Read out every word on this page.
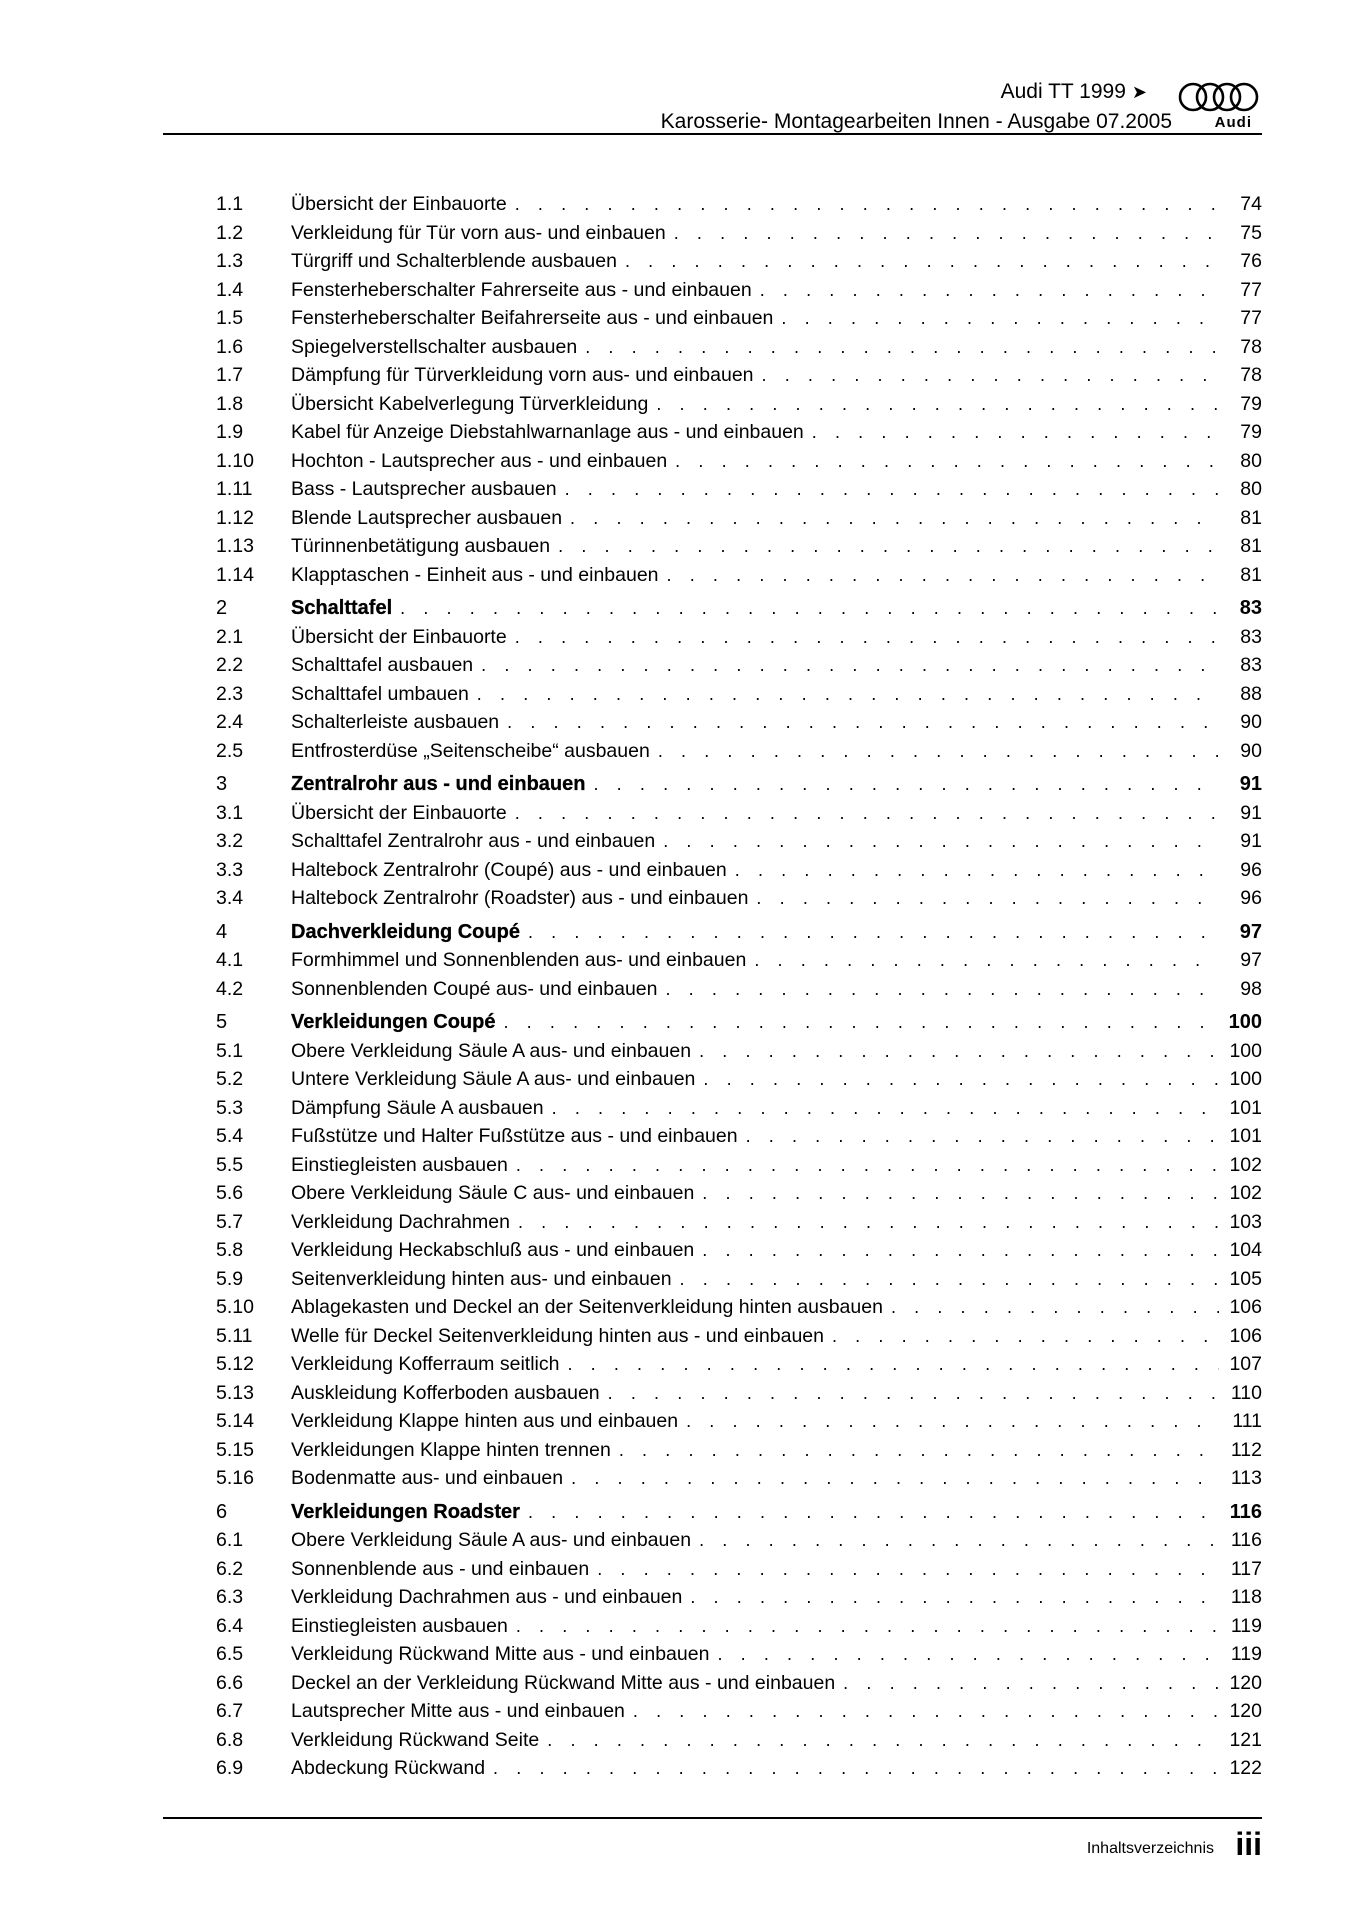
Audi TT 1999 ➤
Karosserie- Montagearbeiten Innen - Ausgabe 07.2005	Audi
1.1	Übersicht der Einbauorte . . .	74
1.2	Verkleidung für Tür vorn aus- und einbauen . . .	75
1.3	Türgriff und Schalterblende ausbauen . . .	76
1.4	Fensterheberschalter Fahrerseite aus - und einbauen . . .	77
1.5	Fensterheberschalter Beifahrerseite aus - und einbauen . . .	77
1.6	Spiegelverstellschalter ausbauen . . .	78
1.7	Dämpfung für Türverkleidung vorn aus- und einbauen . . .	78
1.8	Übersicht Kabelverlegung Türverkleidung . . .	79
1.9	Kabel für Anzeige Diebstahlwarnanlage aus - und einbauen . . .	79
1.10	Hochton - Lautsprecher aus - und einbauen . . .	80
1.11	Bass - Lautsprecher ausbauen . . .	80
1.12	Blende Lautsprecher ausbauen . . .	81
1.13	Türinnenbetätigung ausbauen . . .	81
1.14	Klapptaschen - Einheit aus - und einbauen . . .	81
2	Schalttafel . . .	83
2.1	Übersicht der Einbauorte . . .	83
2.2	Schalttafel ausbauen . . .	83
2.3	Schalttafel umbauen . . .	88
2.4	Schalterleiste ausbauen . . .	90
2.5	Entfrosterdüse „Seitenscheibe“ ausbauen . . .	90
3	Zentralrohr aus - und einbauen . . .	91
3.1	Übersicht der Einbauorte . . .	91
3.2	Schalttafel Zentralrohr aus - und einbauen . . .	91
3.3	Haltebock Zentralrohr (Coupé) aus - und einbauen . . .	96
3.4	Haltebock Zentralrohr (Roadster) aus - und einbauen . . .	96
4	Dachverkleidung Coupé . . .	97
4.1	Formhimmel und Sonnenblenden aus- und einbauen . . .	97
4.2	Sonnenblenden Coupé aus- und einbauen . . .	98
5	Verkleidungen Coupé . . .	100
5.1	Obere Verkleidung Säule A aus- und einbauen . . .	100
5.2	Untere Verkleidung Säule A aus- und einbauen . . .	100
5.3	Dämpfung Säule A ausbauen . . .	101
5.4	Fußstütze und Halter Fußstütze aus - und einbauen . . .	101
5.5	Einstiegleisten ausbauen . . .	102
5.6	Obere Verkleidung Säule C aus- und einbauen . . .	102
5.7	Verkleidung Dachrahmen . . .	103
5.8	Verkleidung Heckabschluß aus - und einbauen . . .	104
5.9	Seitenverkleidung hinten aus- und einbauen . . .	105
5.10	Ablagekasten und Deckel an der Seitenverkleidung hinten ausbauen . . .	106
5.11	Welle für Deckel Seitenverkleidung hinten aus - und einbauen . . .	106
5.12	Verkleidung Kofferraum seitlich . . .	107
5.13	Auskleidung Kofferboden ausbauen . . .	110
5.14	Verkleidung Klappe hinten aus und einbauen . . .	111
5.15	Verkleidungen Klappe hinten trennen . . .	112
5.16	Bodenmatte aus- und einbauen . . .	113
6	Verkleidungen Roadster . . .	116
6.1	Obere Verkleidung Säule A aus- und einbauen . . .	116
6.2	Sonnenblende aus - und einbauen . . .	117
6.3	Verkleidung Dachrahmen aus - und einbauen . . .	118
6.4	Einstiegleisten ausbauen . . .	119
6.5	Verkleidung Rückwand Mitte aus - und einbauen . . .	119
6.6	Deckel an der Verkleidung Rückwand Mitte aus - und einbauen . . .	120
6.7	Lautsprecher Mitte aus - und einbauen . . .	120
6.8	Verkleidung Rückwand Seite . . .	121
6.9	Abdeckung Rückwand . . .	122
Inhaltsverzeichnis iii
